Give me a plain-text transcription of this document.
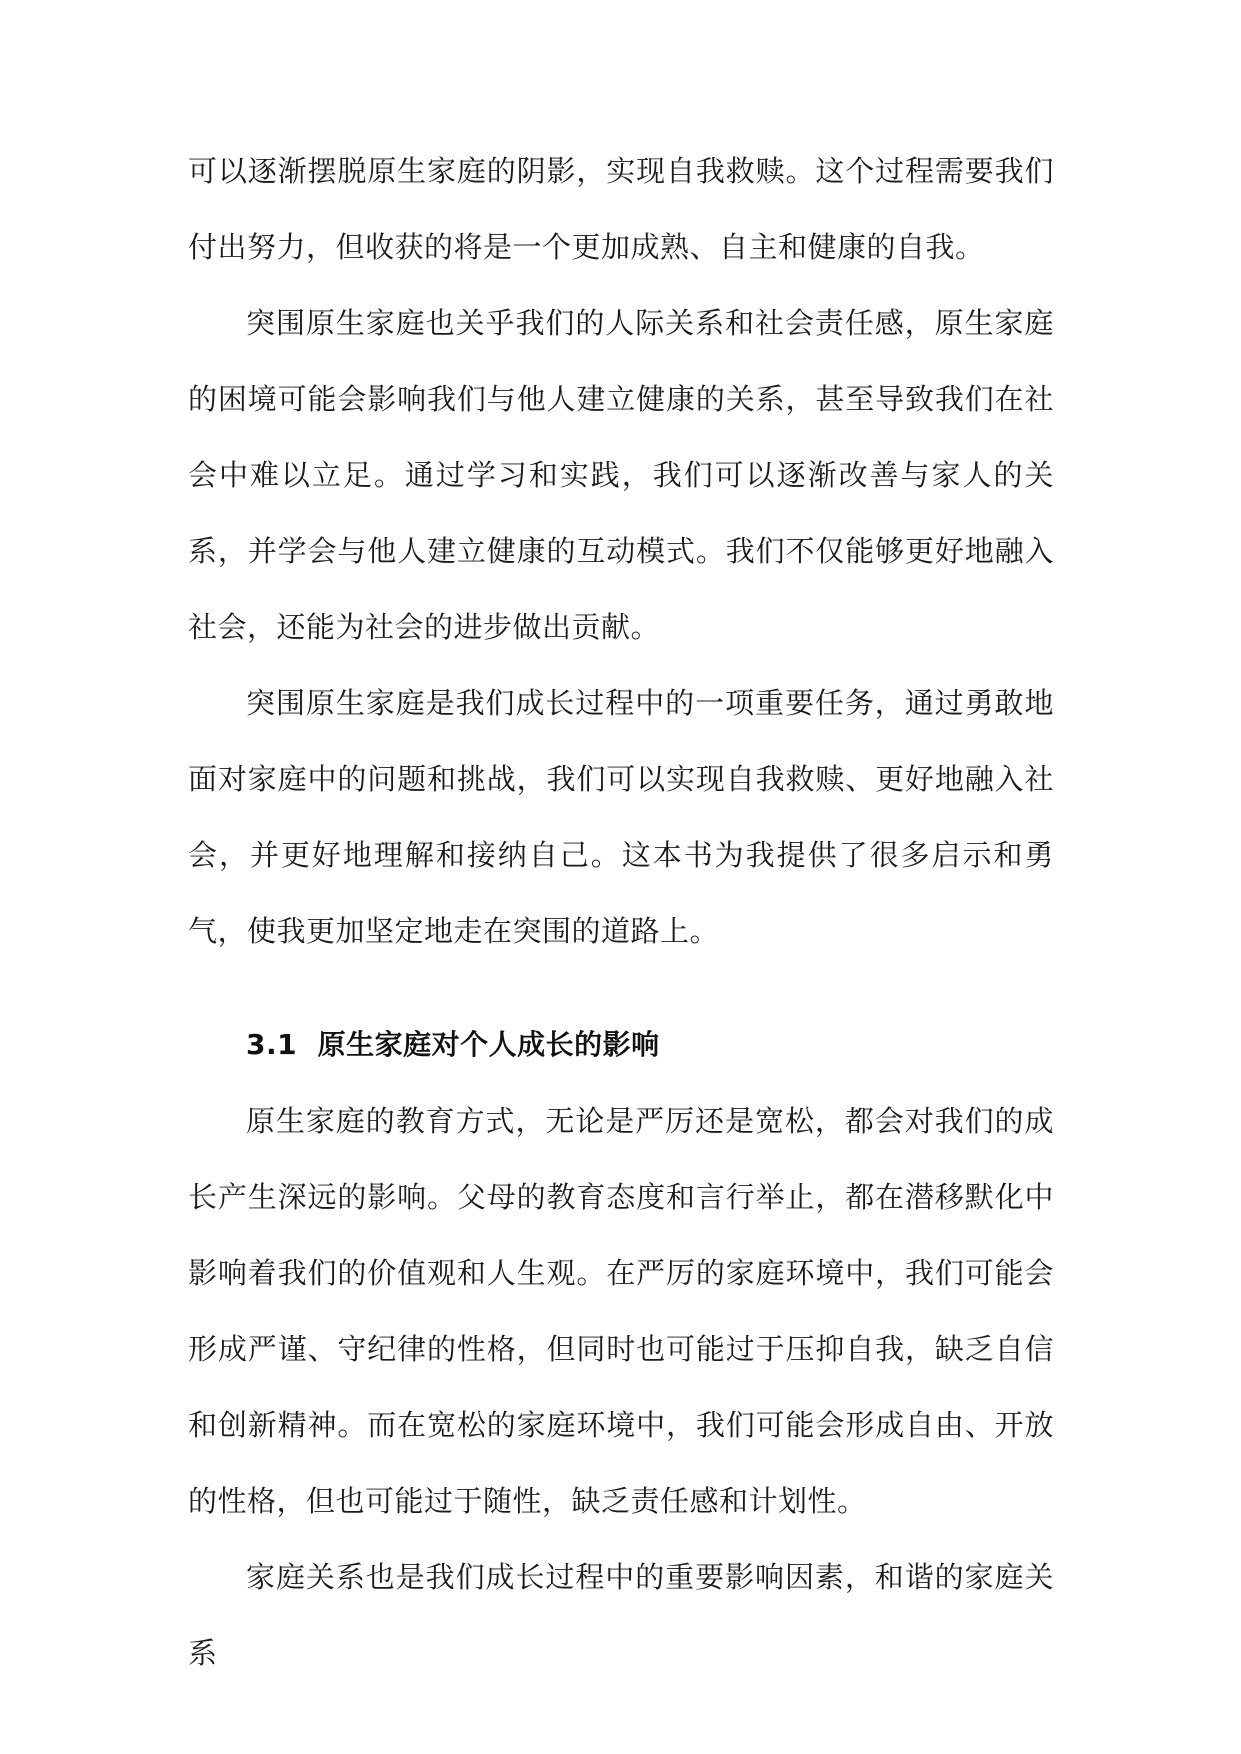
可以逐渐摆脱原生家庭的阴影，实现自我救赎。这个过程需要我们付出努力，但收获的将是一个更加成熟、自主和健康的自我。

突围原生家庭也关乎我们的人际关系和社会责任感，原生家庭的困境可能会影响我们与他人建立健康的关系，甚至导致我们在社会中难以立足。通过学习和实践，我们可以逐渐改善与家人的关系，并学会与他人建立健康的互动模式。我们不仅能够更好地融入社会，还能为社会的进步做出贡献。

突围原生家庭是我们成长过程中的一项重要任务，通过勇敢地面对家庭中的问题和挑战，我们可以实现自我救赎、更好地融入社会，并更好地理解和接纳自己。这本书为我提供了很多启示和勇气，使我更加坚定地走在突围的道路上。

3.1 原生家庭对个人成长的影响

原生家庭的教育方式，无论是严厉还是宽松，都会对我们的成长产生深远的影响。父母的教育态度和言行举止，都在潜移默化中影响着我们的价值观和人生观。在严厉的家庭环境中，我们可能会形成严谨、守纪律的性格，但同时也可能过于压抑自我，缺乏自信和创新精神。而在宽松的家庭环境中，我们可能会形成自由、开放的性格，但也可能过于随性，缺乏责任感和计划性。

家庭关系也是我们成长过程中的重要影响因素，和谐的家庭关系
